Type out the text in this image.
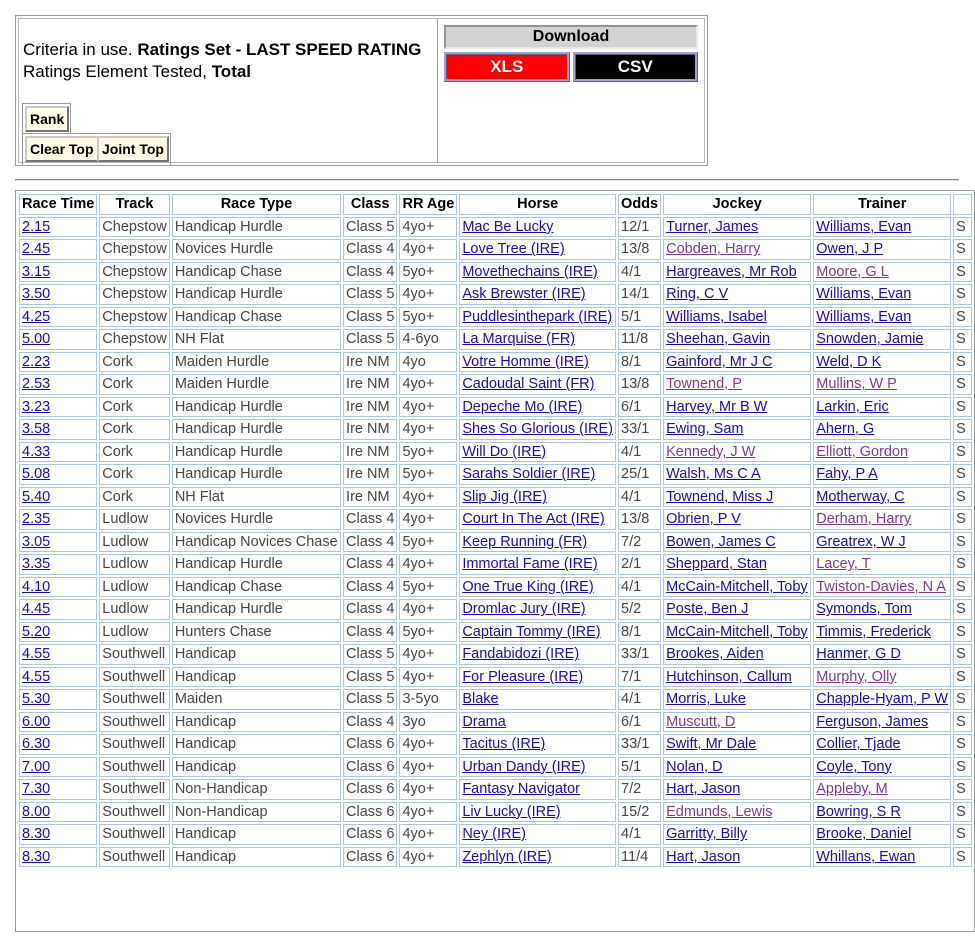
Criteria in use. Ratings Set - LAST SPEED RATING
Ratings Element Tested, Total
Rank
Clear Top Joint Top
Download
XLS	CSV
Race Time	Track	Race Type	Class	RR Age	Horse	Odds	Jockey	Trainer	
2.15	Chepstow	Handicap Hurdle	Class 5	4yo+	Mac Be Lucky	12/1	Turner, James	Williams, Evan	S
2.45	Chepstow	Novices Hurdle	Class 4	4yo+	Love Tree (IRE)	13/8	Cobden, Harry	Owen, J P	S
3.15	Chepstow	Handicap Chase	Class 4	5yo+	Movethechains (IRE)	4/1	Hargreaves, Mr Rob	Moore, G L	S
3.50	Chepstow	Handicap Hurdle	Class 5	4yo+	Ask Brewster (IRE)	14/1	Ring, C V	Williams, Evan	S
4.25	Chepstow	Handicap Chase	Class 5	5yo+	Puddlesinthepark (IRE)	5/1	Williams, Isabel	Williams, Evan	S
5.00	Chepstow	NH Flat	Class 5	4-6yo	La Marquise (FR)	11/8	Sheehan, Gavin	Snowden, Jamie	S
2.23	Cork	Maiden Hurdle	Ire NM	4yo	Votre Homme (IRE)	8/1	Gainford, Mr J C	Weld, D K	S
2.53	Cork	Maiden Hurdle	Ire NM	4yo+	Cadoudal Saint (FR)	13/8	Townend, P	Mullins, W P	S
3.23	Cork	Handicap Hurdle	Ire NM	4yo+	Depeche Mo (IRE)	6/1	Harvey, Mr B W	Larkin, Eric	S
3.58	Cork	Handicap Hurdle	Ire NM	4yo+	Shes So Glorious (IRE)	33/1	Ewing, Sam	Ahern, G	S
4.33	Cork	Handicap Hurdle	Ire NM	5yo+	Will Do (IRE)	4/1	Kennedy, J W	Elliott, Gordon	S
5.08	Cork	Handicap Hurdle	Ire NM	5yo+	Sarahs Soldier (IRE)	25/1	Walsh, Ms C A	Fahy, P A	S
5.40	Cork	NH Flat	Ire NM	4yo+	Slip Jig (IRE)	4/1	Townend, Miss J	Motherway, C	S
2.35	Ludlow	Novices Hurdle	Class 4	4yo+	Court In The Act (IRE)	13/8	Obrien, P V	Derham, Harry	S
3.05	Ludlow	Handicap Novices Chase	Class 4	5yo+	Keep Running (FR)	7/2	Bowen, James C	Greatrex, W J	S
3.35	Ludlow	Handicap Hurdle	Class 4	4yo+	Immortal Fame (IRE)	2/1	Sheppard, Stan	Lacey, T	S
4.10	Ludlow	Handicap Chase	Class 4	5yo+	One True King (IRE)	4/1	McCain-Mitchell, Toby	Twiston-Davies, N A	S
4.45	Ludlow	Handicap Hurdle	Class 4	4yo+	Dromlac Jury (IRE)	5/2	Poste, Ben J	Symonds, Tom	S
5.20	Ludlow	Hunters Chase	Class 4	5yo+	Captain Tommy (IRE)	8/1	McCain-Mitchell, Toby	Timmis, Frederick	S
4.55	Southwell	Handicap	Class 5	4yo+	Fandabidozi (IRE)	33/1	Brookes, Aiden	Hanmer, G D	S
4.55	Southwell	Handicap	Class 5	4yo+	For Pleasure (IRE)	7/1	Hutchinson, Callum	Murphy, Olly	S
5.30	Southwell	Maiden	Class 5	3-5yo	Blake	4/1	Morris, Luke	Chapple-Hyam, P W	S
6.00	Southwell	Handicap	Class 4	3yo	Drama	6/1	Muscutt, D	Ferguson, James	S
6.30	Southwell	Handicap	Class 6	4yo+	Tacitus (IRE)	33/1	Swift, Mr Dale	Collier, Tjade	S
7.00	Southwell	Handicap	Class 6	4yo+	Urban Dandy (IRE)	5/1	Nolan, D	Coyle, Tony	S
7.30	Southwell	Non-Handicap	Class 6	4yo+	Fantasy Navigator	7/2	Hart, Jason	Appleby, M	S
8.00	Southwell	Non-Handicap	Class 6	4yo+	Liv Lucky (IRE)	15/2	Edmunds, Lewis	Bowring, S R	S
8.30	Southwell	Handicap	Class 6	4yo+	Ney (IRE)	4/1	Garritty, Billy	Brooke, Daniel	S
8.30	Southwell	Handicap	Class 6	4yo+	Zephlyn (IRE)	11/4	Hart, Jason	Whillans, Ewan	S
